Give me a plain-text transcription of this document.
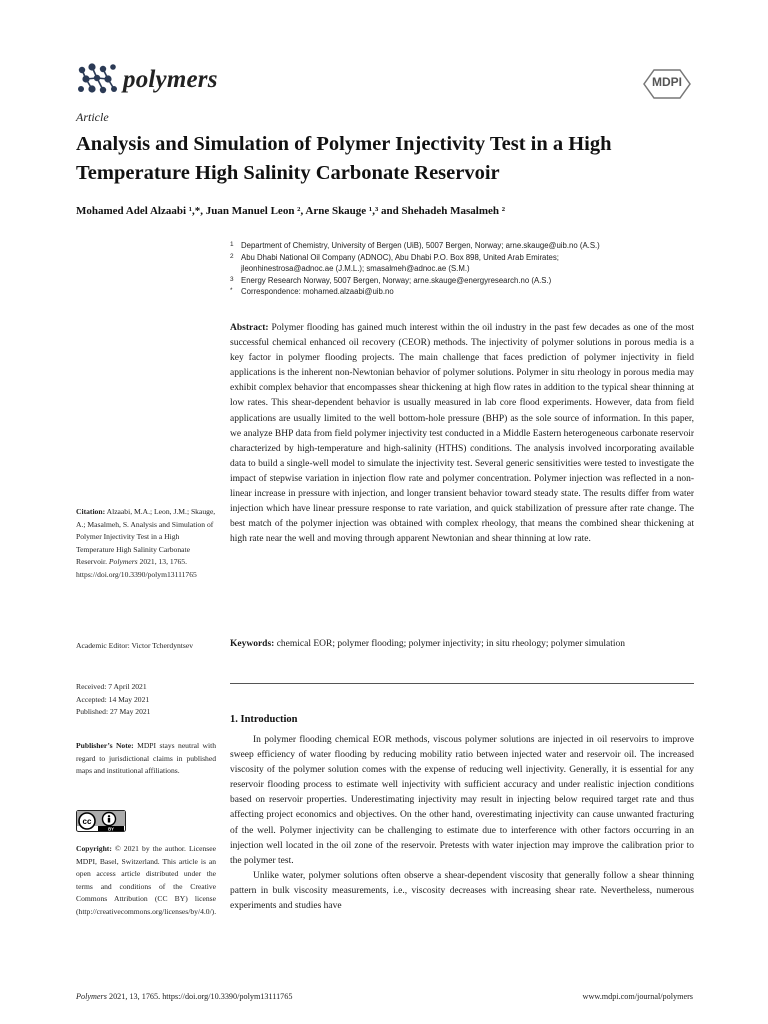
polymers	MDPI
Article
Analysis and Simulation of Polymer Injectivity Test in a High Temperature High Salinity Carbonate Reservoir
Mohamed Adel Alzaabi ¹,*, Juan Manuel Leon ², Arne Skauge ¹,³ and Shehadeh Masalmeh ²
1 Department of Chemistry, University of Bergen (UiB), 5007 Bergen, Norway; arne.skauge@uib.no (A.S.)
2 Abu Dhabi National Oil Company (ADNOC), Abu Dhabi P.O. Box 898, United Arab Emirates;
jleonhinestrosa@adnoc.ae (J.M.L.); smasalmeh@adnoc.ae (S.M.)
3 Energy Research Norway, 5007 Bergen, Norway; arne.skauge@energyresearch.no (A.S.)
* Correspondence: mohamed.alzaabi@uib.no
Abstract: Polymer flooding has gained much interest within the oil industry in the past few decades as one of the most successful chemical enhanced oil recovery (CEOR) methods. The injectivity of polymer solutions in porous media is a key factor in polymer flooding projects. The main challenge that faces prediction of polymer injectivity in field applications is the inherent non-Newtonian behavior of polymer solutions. Polymer in situ rheology in porous media may exhibit complex behavior that encompasses shear thickening at high flow rates in addition to the typical shear thinning at low rates. This shear-dependent behavior is usually measured in lab core flood experiments. However, data from field applications are usually limited to the well bottom-hole pressure (BHP) as the sole source of information. In this paper, we analyze BHP data from field polymer injectivity test conducted in a Middle Eastern heterogeneous carbonate reservoir characterized by high-temperature and high-salinity (HTHS) conditions. The analysis involved incorporating available data to build a single-well model to simulate the injectivity test. Several generic sensitivities were tested to investigate the impact of stepwise variation in injection flow rate and polymer concentration. Polymer injection was reflected in a non-linear increase in pressure with injection, and longer transient behavior toward steady state. The results differ from water injection which have linear pressure response to rate variation, and quick stabilization of pressure after rate change. The best match of the polymer injection was obtained with complex rheology, that means the combined shear thickening at high rate near the well and moving through apparent Newtonian and shear thinning at low rate.
Keywords: chemical EOR; polymer flooding; polymer injectivity; in situ rheology; polymer simulation
Citation: Alzaabi, M.A.; Leon, J.M.; Skauge, A.; Masalmeh, S. Analysis and Simulation of Polymer Injectivity Test in a High Temperature High Salinity Carbonate Reservoir. Polymers 2021, 13, 1765. https://doi.org/10.3390/polym13111765
Academic Editor: Victor Tcherdyntsev
Received: 7 April 2021
Accepted: 14 May 2021
Published: 27 May 2021
Publisher’s Note: MDPI stays neutral with regard to jurisdictional claims in published maps and institutional affiliations.
cc
BY
Copyright: © 2021 by the author. Licensee MDPI, Basel, Switzerland. This article is an open access article distributed under the terms and conditions of the Creative Commons Attribution (CC BY) license (http://creativecommons.org/licenses/by/4.0/).
1. Introduction

In polymer flooding chemical EOR methods, viscous polymer solutions are injected in oil reservoirs to improve sweep efficiency of water flooding by reducing mobility ratio between injected water and reservoir oil. The increased viscosity of the polymer solution comes with the expense of reducing well injectivity. Generally, it is essential for any reservoir flooding process to estimate well injectivity with sufficient accuracy and under realistic injection conditions based on reservoir properties. Underestimating injectivity may result in injecting below required target rate and thus affecting project economics and objectives. On the other hand, overestimating injectivity can cause unwanted fracturing of the well. Polymer injectivity can be challenging to estimate due to interference with other factors occurring in an injection well located in the oil zone of the reservoir. Pretests with water injection may improve the calibration prior to the polymer test.

Unlike water, polymer solutions often observe a shear-dependent viscosity that generally follow a shear thinning pattern in bulk viscosity measurements, i.e., viscosity decreases with increasing shear rate. Nevertheless, numerous experiments and studies have

Polymers 2021, 13, 1765. https://doi.org/10.3390/polym13111765	www.mdpi.com/journal/polymers
